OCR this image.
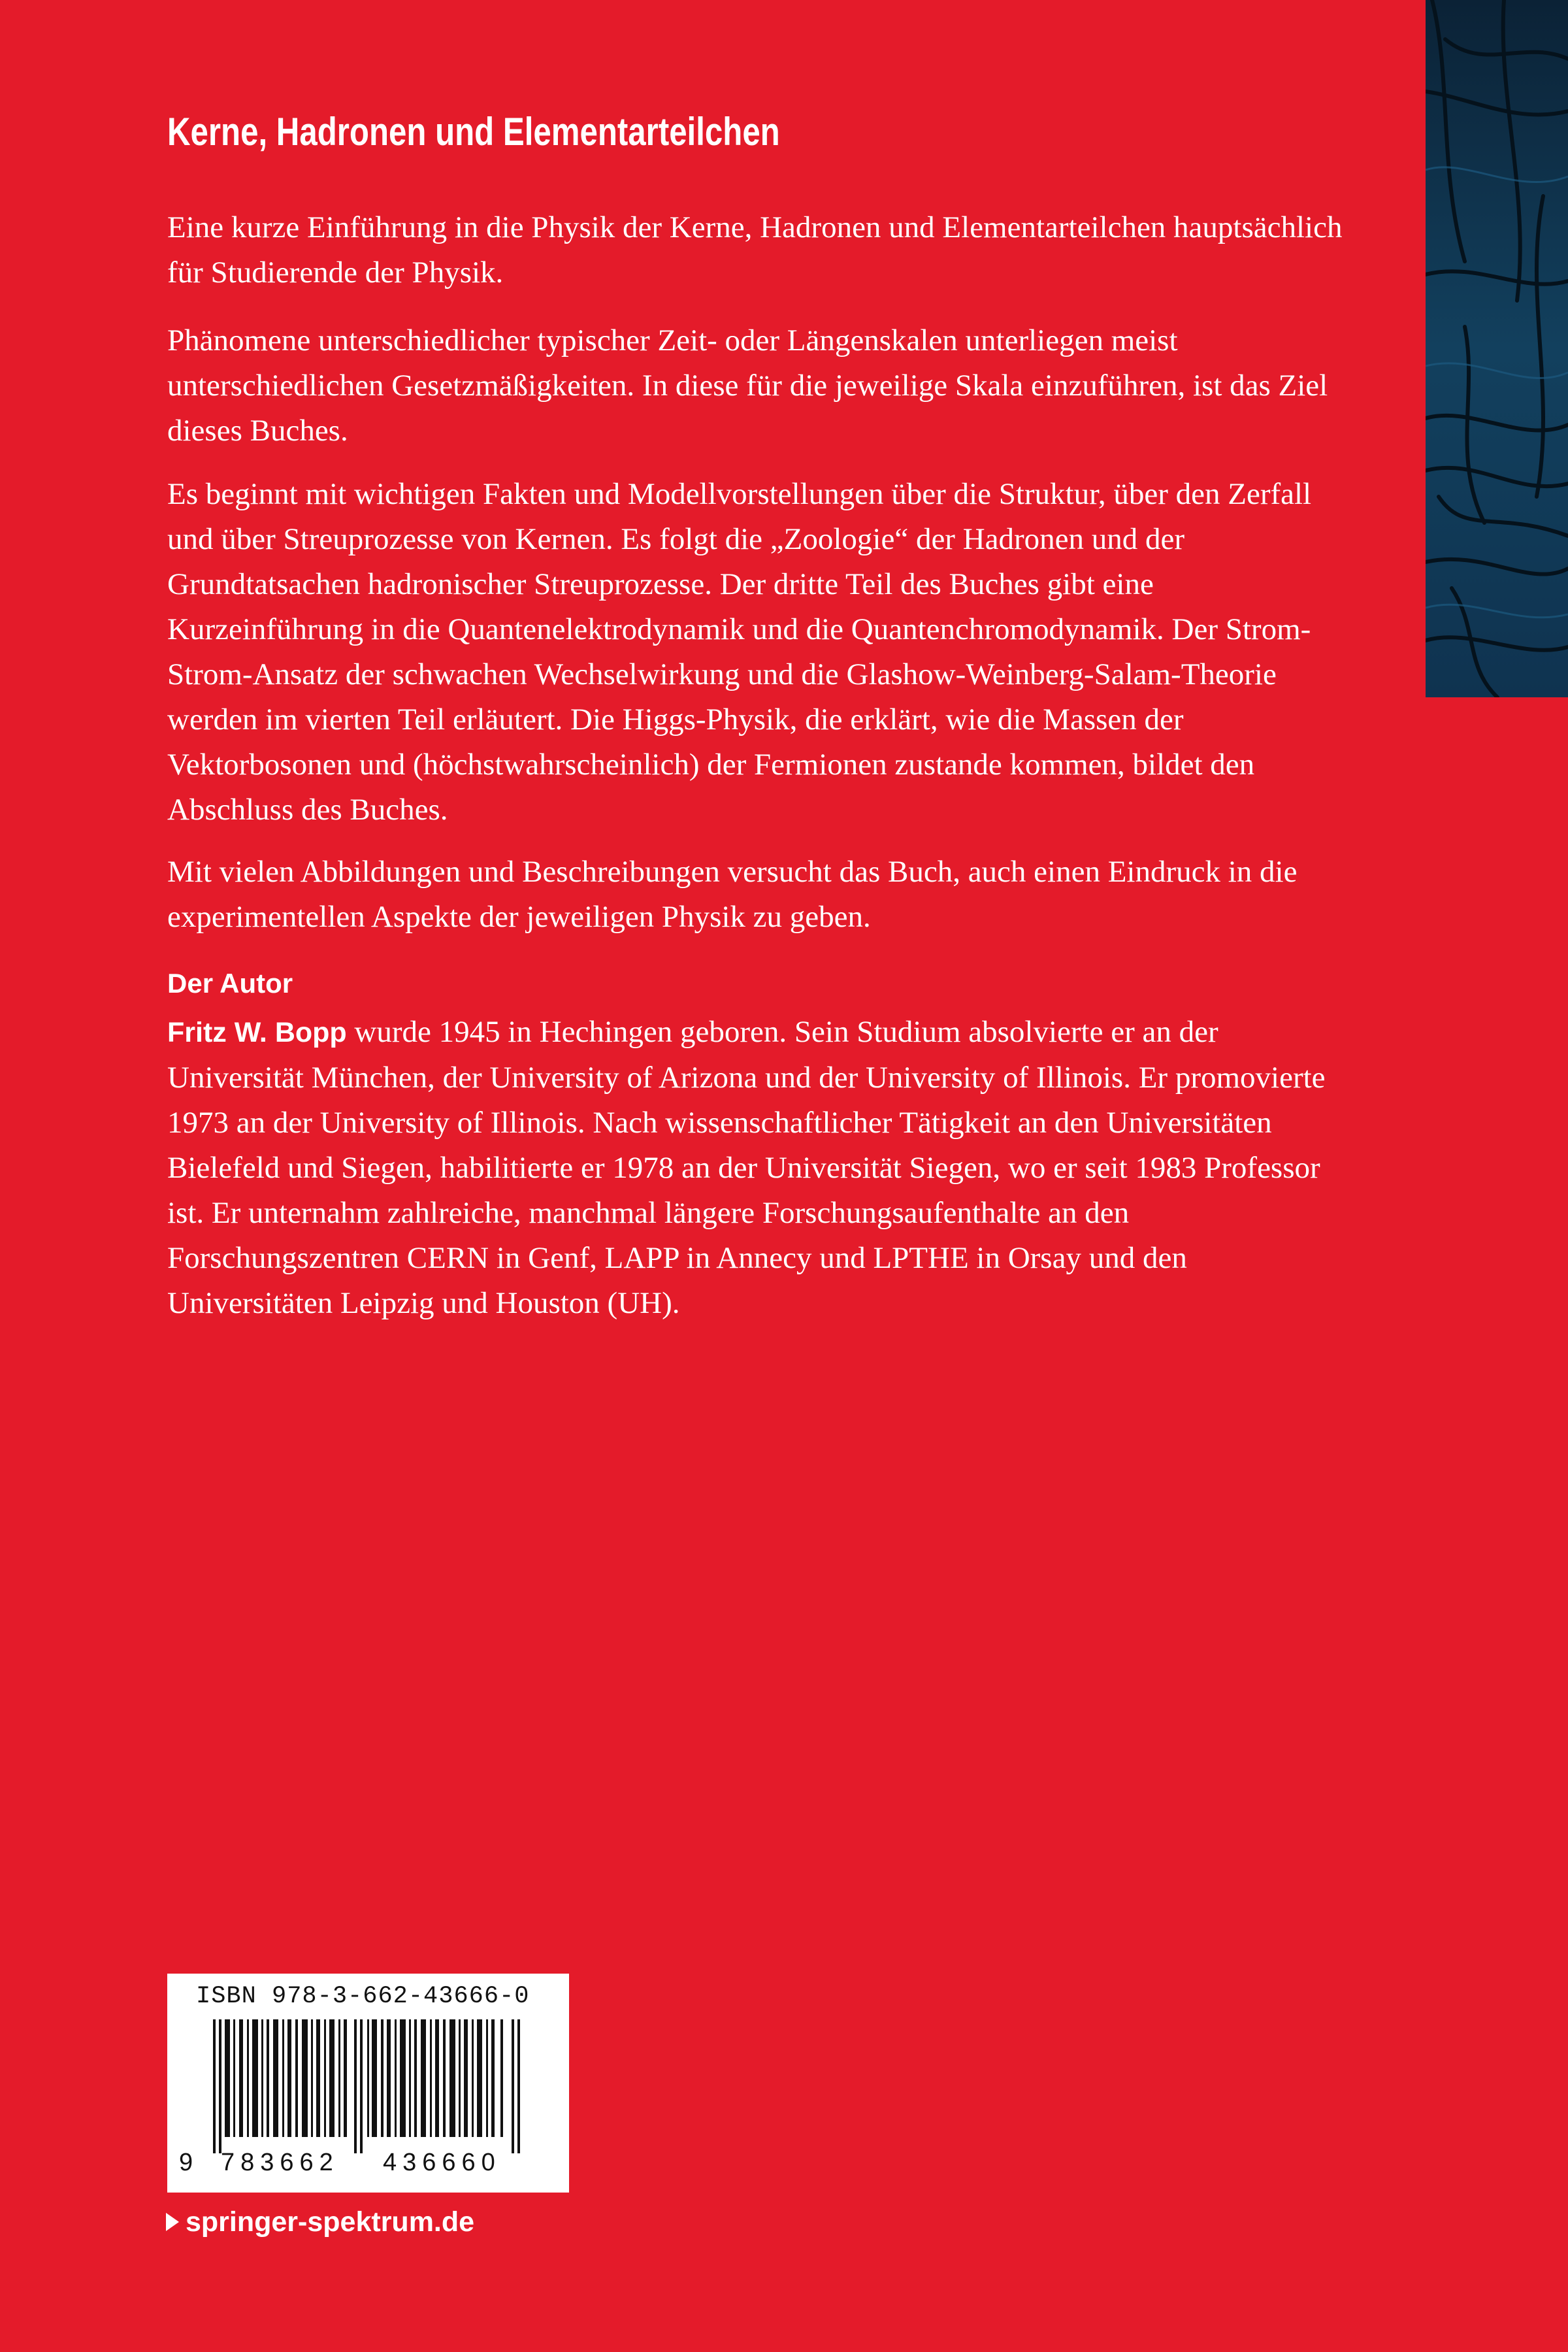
Kerne, Hadronen und Elementarteilchen

Eine kurze Einführung in die Physik der Kerne, Hadronen und Elementarteilchen hauptsächlich für Studierende der Physik.

Phänomene unterschiedlicher typischer Zeit- oder Längenskalen unterliegen meist unterschiedlichen Gesetzmäßigkeiten. In diese für die jeweilige Skala einzuführen, ist das Ziel dieses Buches.

Es beginnt mit wichtigen Fakten und Modellvorstellungen über die Struktur, über den Zerfall und über Streuprozesse von Kernen. Es folgt die „Zoologie“ der Hadronen und der Grundtatsachen hadronischer Streuprozesse. Der dritte Teil des Buches gibt eine Kurzeinführung in die Quantenelektrodynamik und die Quantenchromodynamik. Der Strom-Strom-Ansatz der schwachen Wechselwirkung und die Glashow-Weinberg-Salam-Theorie werden im vierten Teil erläutert. Die Higgs-Physik, die erklärt, wie die Massen der Vektorbosonen und (höchstwahrscheinlich) der Fermionen zustande kommen, bildet den Abschluss des Buches.

Mit vielen Abbildungen und Beschreibungen versucht das Buch, auch einen Eindruck in die experimentellen Aspekte der jeweiligen Physik zu geben.

Der Autor

Fritz W. Bopp wurde 1945 in Hechingen geboren. Sein Studium absolvierte er an der Universität München, der University of Arizona und der University of Illinois. Er promovierte 1973 an der University of Illinois. Nach wissenschaftlicher Tätigkeit an den Universitäten Bielefeld und Siegen, habilitierte er 1978 an der Universität Siegen, wo er seit 1983 Professor ist. Er unternahm zahlreiche, manchmal längere Forschungsaufenthalte an den Forschungszentren CERN in Genf, LAPP in Annecy und LPTHE in Orsay und den Universitäten Leipzig und Houston (UH).

ISBN 978-3-662-43666-0
9 783662 436660
springer-spektrum.de
